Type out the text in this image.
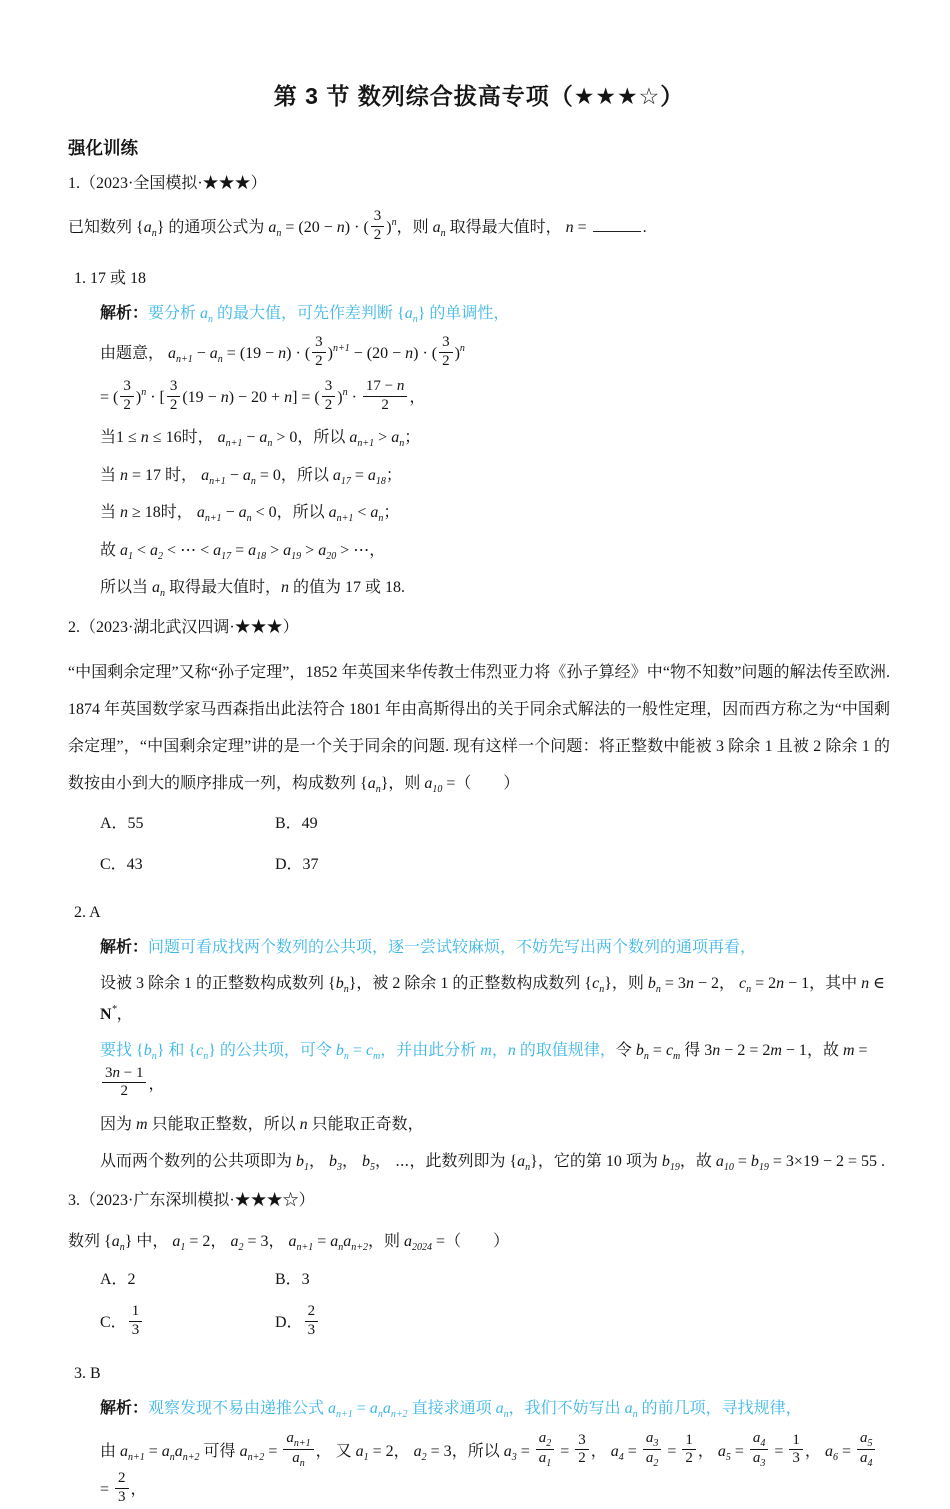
第 3 节 数列综合拔高专项（★★★☆）
强化训练
1.（2023·全国模拟·★★★）
已知数列 $\{a_n\}$ 的通项公式为 $a_n = (20 - n)$ · ( $\frac{3}{2} )^n$，则 $a_n$ 取得最大值时， n =	.
1. 17 或 18
解析：要分析 $a_n$ 的最大值，可先作差判断 $\{a_n\}$ 的单调性，
由题意， $a_{n+1} - a_n = (19 - n)$ · ( $\frac{3}{2} )^{n+1} - (20 - n)$ · ( $\frac{3}{2} )^n$
= ( $\frac{3}{2} )^n$ · [ $\frac{3}{2} (19 - n) - 20 + n$] = ( $\frac{3}{2} )^n \cdot \frac{17 - n}{2}$ ，
当1 ≤ n ≤ 16时， $a_{n+1} - a_n > 0$，所以 $a_{n+1} > a_n$；
当 n = 17 时， $a_{n+1} - a_n = 0$，所以 $a_{17} = a_{18}$；
当 n ≥ 18时， $a_{n+1} - a_n < 0$，所以 $a_{n+1} < a_n$；
故 $a_1 < a_2$ < ⋯ < $a_{17} = a_{18} > a_{19} > a_{20}$ > ⋯，
所以当 $a_n$ 取得最大值时，n 的值为 17 或 18.
2.（2023·湖北武汉四调·★★★）
“中国剩余定理”又称“孙子定理”，1852 年英国来华传教士伟烈亚力将《孙子算经》中“物不知数”问题的解法传至欧洲. 1874 年英国数学家马西森指出此法符合 1801 年由高斯得出的关于同余式解法的一般性定理，因而西方称之为“中国剩余定理”，“中国剩余定理”讲的是一个关于同余的问题. 现有这样一个问题：将正整数中能被 3 除余 1 且被 2 除余 1 的数按由小到大的顺序排成一列，构成数列 $\{a_n\}$，则 $a_{10}$ =（　　）
A．55	B．49
C．43	D．37
2. A
解析：问题可看成找两个数列的公共项，逐一尝试较麻烦，不妨先写出两个数列的通项再看，
设被 3 除余 1 的正整数构成数列 $\{b_n\}$，被 2 除余 1 的正整数构成数列 $\{c_n\}$，则 $b_n = 3n - 2$， $c_n = 2n - 1$，其中 n ∈ N*，
要找 $\{b_n\}$ 和 $\{c_n\}$ 的公共项，可令 $b_n = c_m$，并由此分析 m，n 的取值规律，令 $b_n = c_m$ 得 3n − 2 = 2m − 1，故 m =
$\frac{3n - 1}{2}$ ，
因为 m 只能取正整数，所以 n 只能取正奇数，
从而两个数列的公共项即为 $b_1$， $b_3$， $b_5$， ⋯，此数列即为 $\{a_n\}$，它的第 10 项为 $b_{19}$，故 $a_{10} = b_{19} = 3\times 19 - 2 = 55$ .
3.（2023·广东深圳模拟·★★★☆）
数列 $\{a_n\}$ 中， $a_1 = 2$， $a_2 = 3$， $a_{n+1} = a_na_{n+2}$，则 $a_{2024}$ =（　　）
A．2	B．3
C． $\frac{1}{3}$	D． $\frac{2}{3}$
3. B
解析：观察发现不易由递推公式 $a_{n+1} = a_na_{n+2}$ 直接求通项 $a_n$，我们不妨写出 $a_n$ 的前几项，寻找规律，
由 $a_{n+1} = a_na_{n+2}$ 可得 $a_{n+2} = \frac{a_{n+1}}{a_n}$ ， 又 $a_1 = 2$， $a_2 = 3$，所以 $a_3 = \frac{a_2}{a_1} = \frac{3}{2}$ ， $a_4 = \frac{a_3}{a_2} = \frac{1}{2}$ ， $a_5 = \frac{a_4}{a_3} = \frac{1}{3}$ ， $a_6 = \frac{a_5}{a_4}$
= $\frac{2}{3}$ ，
